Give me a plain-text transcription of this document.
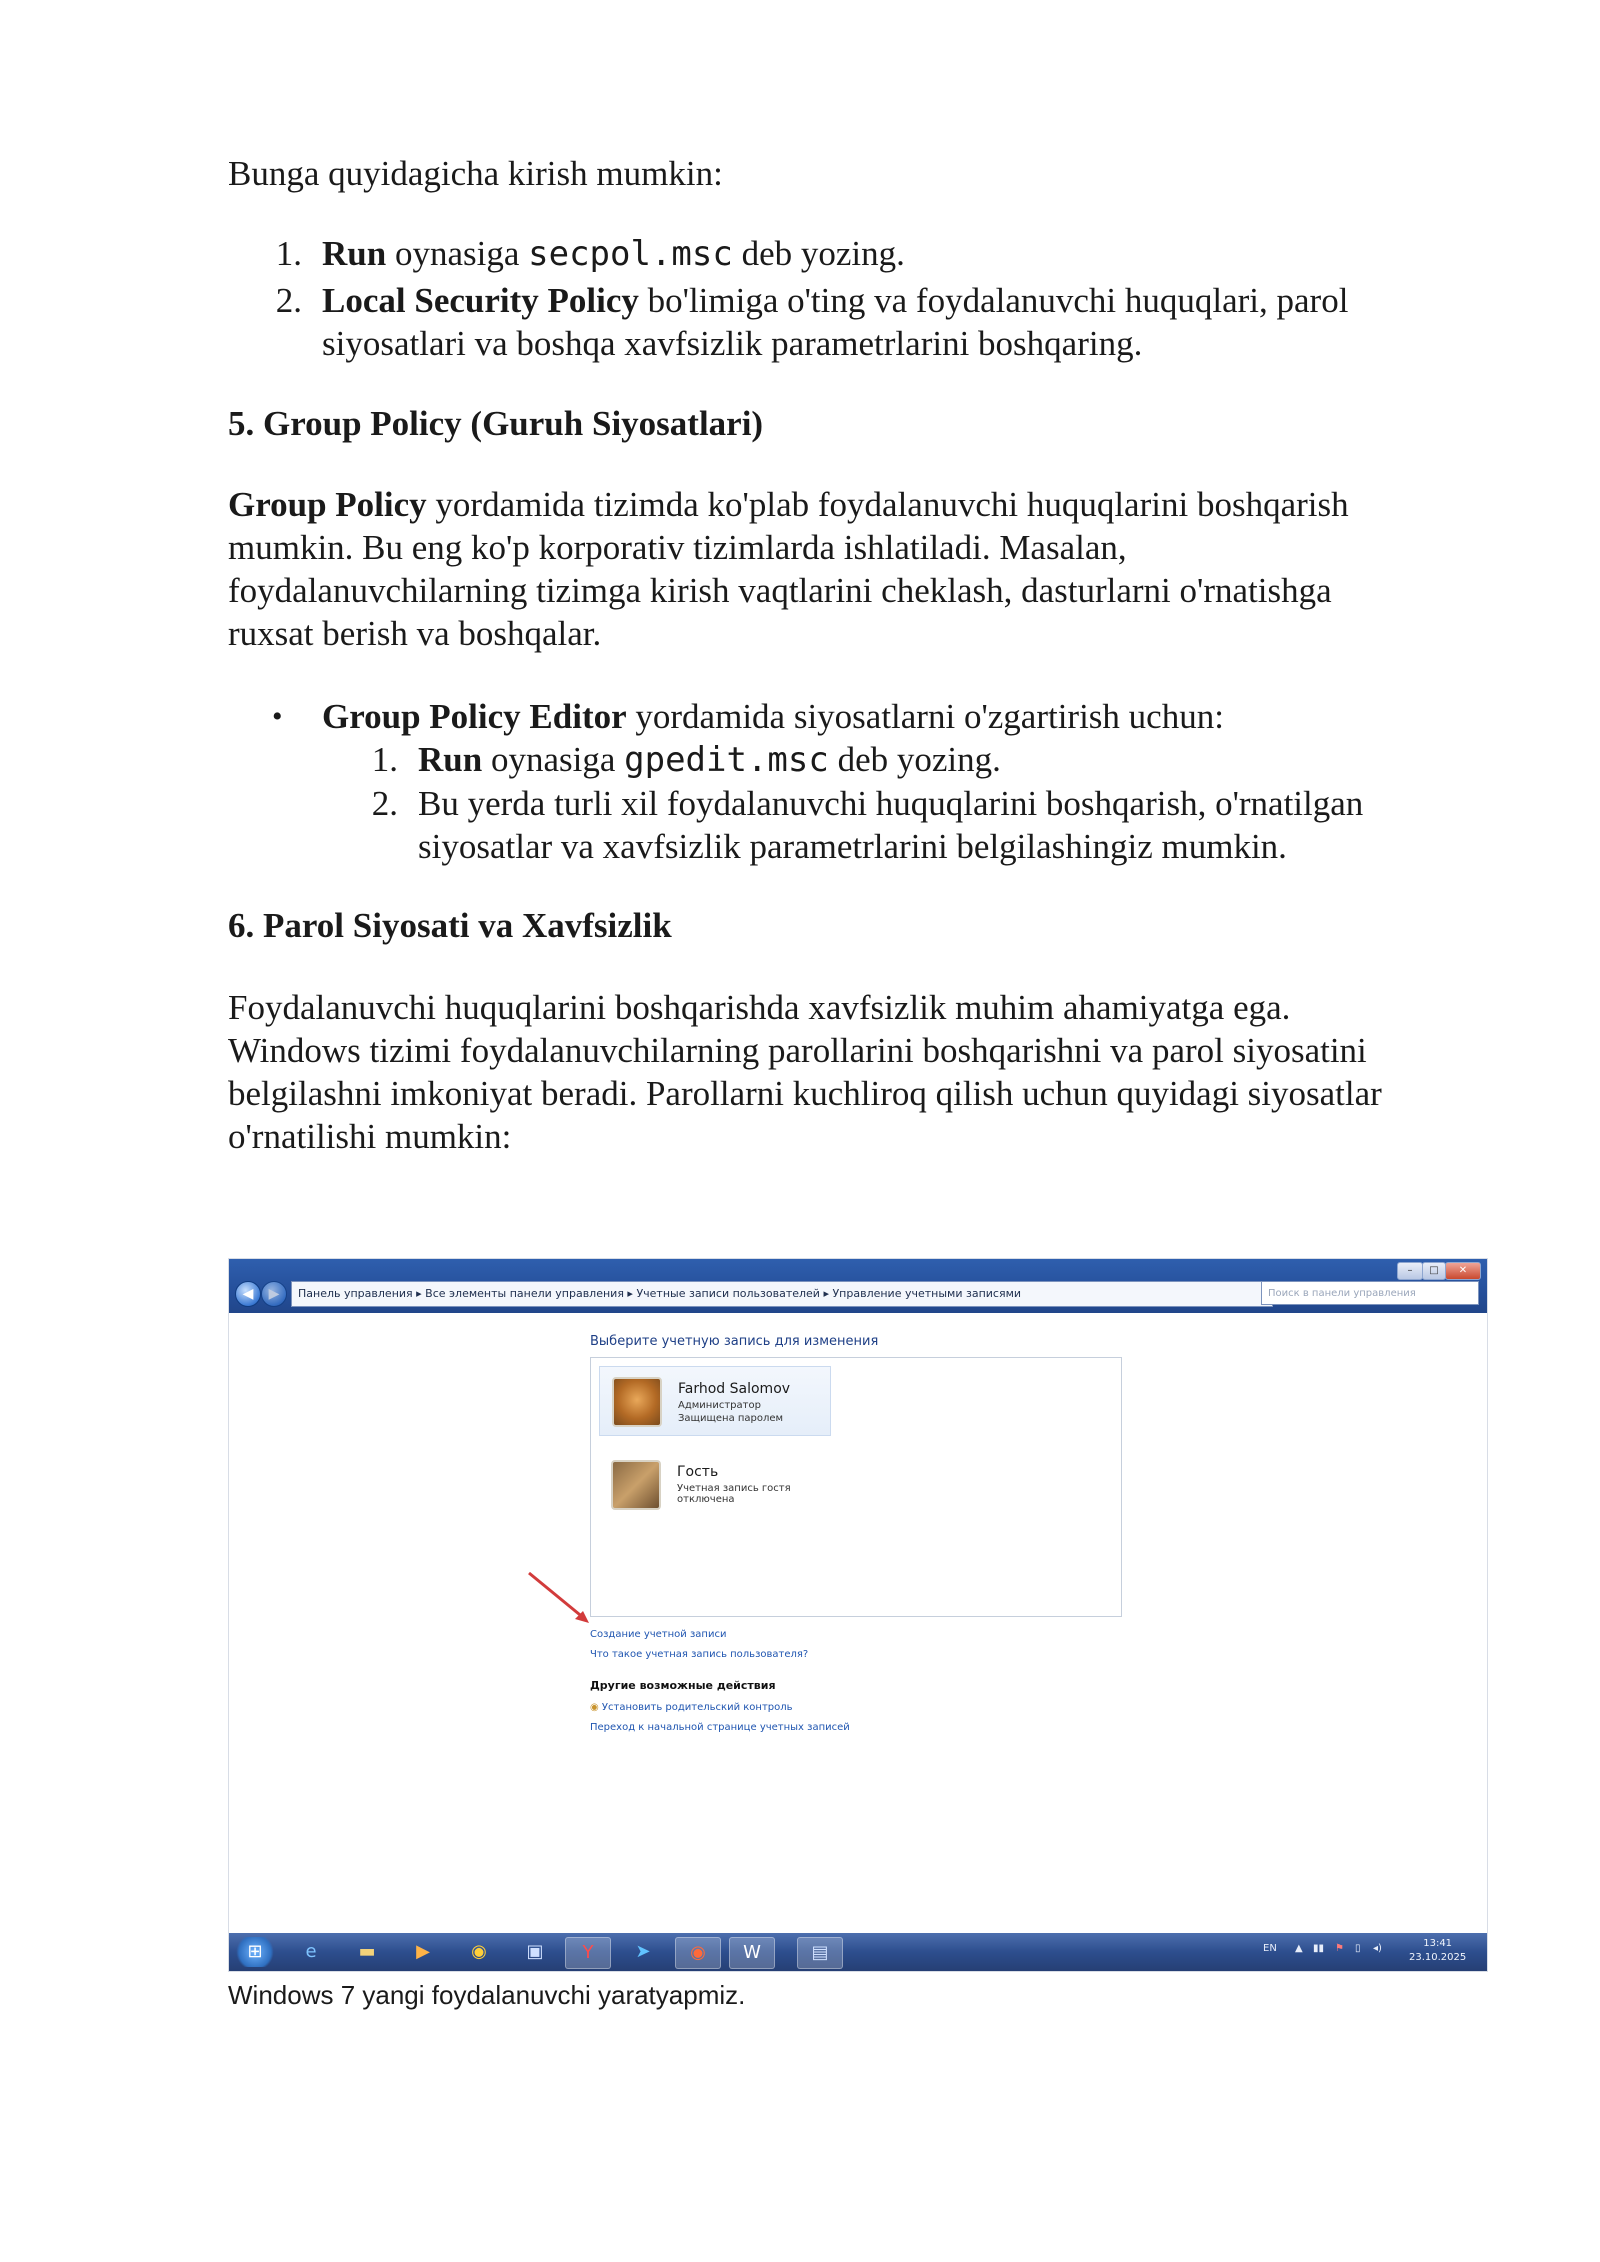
Bunga quyidagicha kirish mumkin:

1. Run oynasiga secpol.msc deb yozing.
2. Local Security Policy bo'limiga o'ting va foydalanuvchi huquqlari, parol
siyosatlari va boshqa xavfsizlik parametrlarini boshqaring.
5. Group Policy (Guruh Siyosatlari)

Group Policy yordamida tizimda ko'plab foydalanuvchi huquqlarini boshqarish
mumkin. Bu eng ko'p korporativ tizimlarda ishlatiladi. Masalan,
foydalanuvchilarning tizimga kirish vaqtlarini cheklash, dasturlarni o'rnatishga
ruxsat berish va boshqalar.

• Group Policy Editor yordamida siyosatlarni o'zgartirish uchun:
1. Run oynasiga gpedit.msc deb yozing.
2. Bu yerda turli xil foydalanuvchi huquqlarini boshqarish, o'rnatilgan
siyosatlar va xavfsizlik parametrlarini belgilashingiz mumkin.
6. Parol Siyosati va Xavfsizlik

Foydalanuvchi huquqlarini boshqarishda xavfsizlik muhim ahamiyatga ega.
Windows tizimi foydalanuvchilarning parollarini boshqarishni va parol siyosatini
belgilashni imkoniyat beradi. Parollarni kuchliroq qilish uchun quyidagi siyosatlar
o'rnatilishi mumkin:

–	□	✕
◀	▶	Панель управления ▸ Все элементы панели управления ▸ Учетные записи пользователей ▸ Управление учетными записями	Поиск в панели управления
Выберите учетную запись для изменения
Farhod Salomov
Администратор
Защищена паролем
Гость
Учетная запись гостя отключена
Создание учетной записи
Что такое учетная запись пользователя?
Другие возможные действия
◉ Установить родительский контроль
Переход к начальной странице учетных записей
⊞	e	▬	▶	◉	▣	Y	➤	◉	W	▤	EN ▲ ▮▮ ⚑ ▯ ◂)	13:41
23.10.2025
Windows 7 yangi foydalanuvchi yaratyapmiz.
